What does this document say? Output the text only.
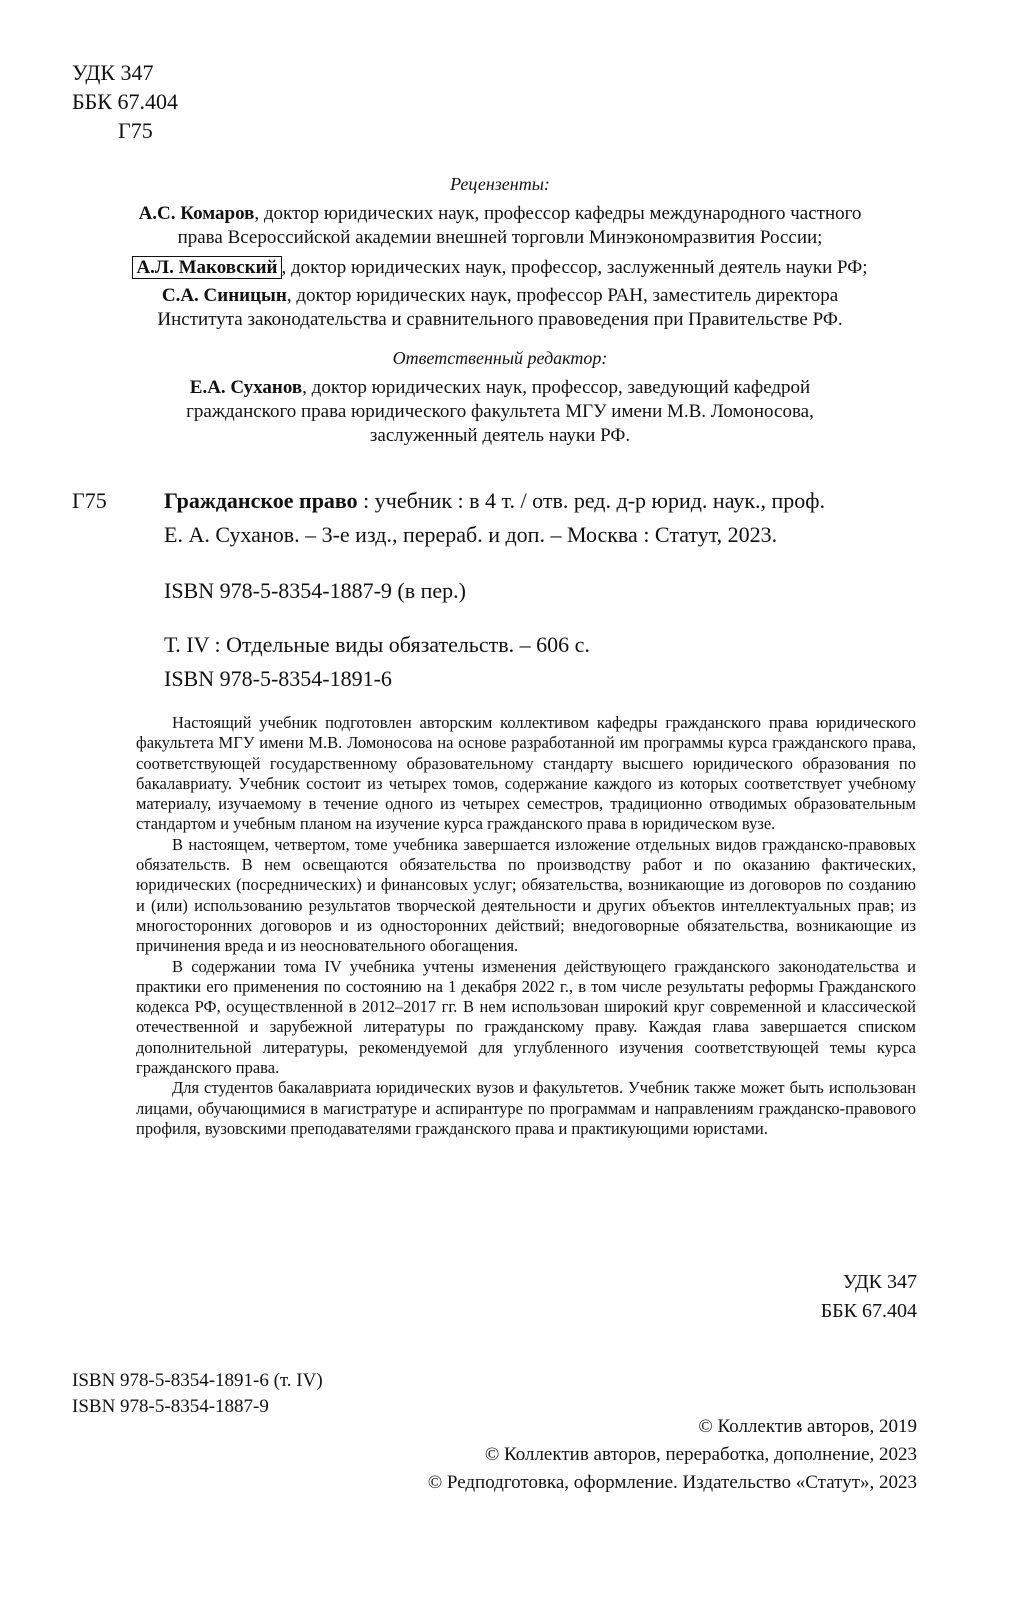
УДК 347
ББК 67.404
Г75
Рецензенты:
А.С. Комаров, доктор юридических наук, профессор кафедры международного частного
права Всероссийской академии внешней торговли Минэкономразвития России;
А.Л. Маковский , доктор юридических наук, профессор, заслуженный деятель науки РФ;
С.А. Синицын, доктор юридических наук, профессор РАН, заместитель директора
Института законодательства и сравнительного правоведения при Правительстве РФ.
Ответственный редактор:
Е.А. Суханов, доктор юридических наук, профессор, заведующий кафедрой
гражданского права юридического факультета МГУ имени М.В. Ломоносова,
заслуженный деятель науки РФ.
Г75	Гражданское право : учебник : в 4 т. / отв. ред. д-р юрид. наук., проф.
Е. А. Суханов. – 3-е изд., перераб. и доп. – Москва : Статут, 2023.
ISBN 978-5-8354-1887-9 (в пер.)
Т. IV : Отдельные виды обязательств. – 606 с.
ISBN 978-5-8354-1891-6

Настоящий учебник подготовлен авторским коллективом кафедры гражданского права юридического факультета МГУ имени М.В. Ломоносова на основе разработанной им программы курса гражданского права, соответствующей государственному образовательному стандарту высшего юридического образования по бакалавриату. Учебник состоит из четырех томов, содержание каждого из которых соответствует учебному материалу, изучаемому в течение одного из четырех семестров, традиционно отводимых образовательным стандартом и учебным планом на изучение курса гражданского права в юридическом вузе.

В настоящем, четвертом, томе учебника завершается изложение отдельных видов гражданско-правовых обязательств. В нем освещаются обязательства по производству работ и по оказанию фактических, юридических (посреднических) и финансовых услуг; обязательства, возникающие из договоров по созданию и (или) использованию результатов творческой деятельности и других объектов интеллектуальных прав; из многосторонних договоров и из односторонних действий; внедоговорные обязательства, возникающие из причинения вреда и из неосновательного обогащения.

В содержании тома IV учебника учтены изменения действующего гражданского законодательства и практики его применения по состоянию на 1 декабря 2022 г., в том числе результаты реформы Гражданского кодекса РФ, осуществленной в 2012–2017 гг. В нем использован широкий круг современной и классической отечественной и зарубежной литературы по гражданскому праву. Каждая глава завершается списком дополнительной литературы, рекомендуемой для углубленного изучения соответствующей темы курса гражданского права.

Для студентов бакалавриата юридических вузов и факультетов. Учебник также может быть использован лицами, обучающимися в магистратуре и аспирантуре по программам и направлениям гражданско-правового профиля, вузовскими преподавателями гражданского права и практикующими юристами.

УДК 347
ББК 67.404
ISBN 978-5-8354-1891-6 (т. IV)
ISBN 978-5-8354-1887-9
© Коллектив авторов, 2019
© Коллектив авторов, переработка, дополнение, 2023
© Редподготовка, оформление. Издательство «Статут», 2023
